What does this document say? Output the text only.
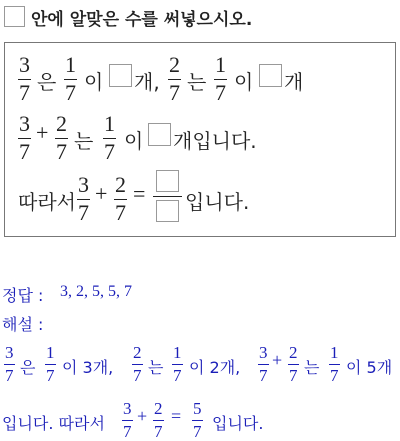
안에 알맞은 수를 써넣으시오.
3
7 은
1
7 이 개,
2
7 는
1
7 이 개
3
7
+ 2
7 는
1
7 이 개입니다.
따라서
3
7
+ 2
7
= 입니다.
정답 : 3, 2, 5, 5, 7
해설 :
3
7 은
1
7 이 3개,
2
7 는
1
7 이 2개,
3
7
+ 2
7 는
1
7 이 5개
입니다. 따라서
3
7
+ 2
7
= 5
7 입니다.
